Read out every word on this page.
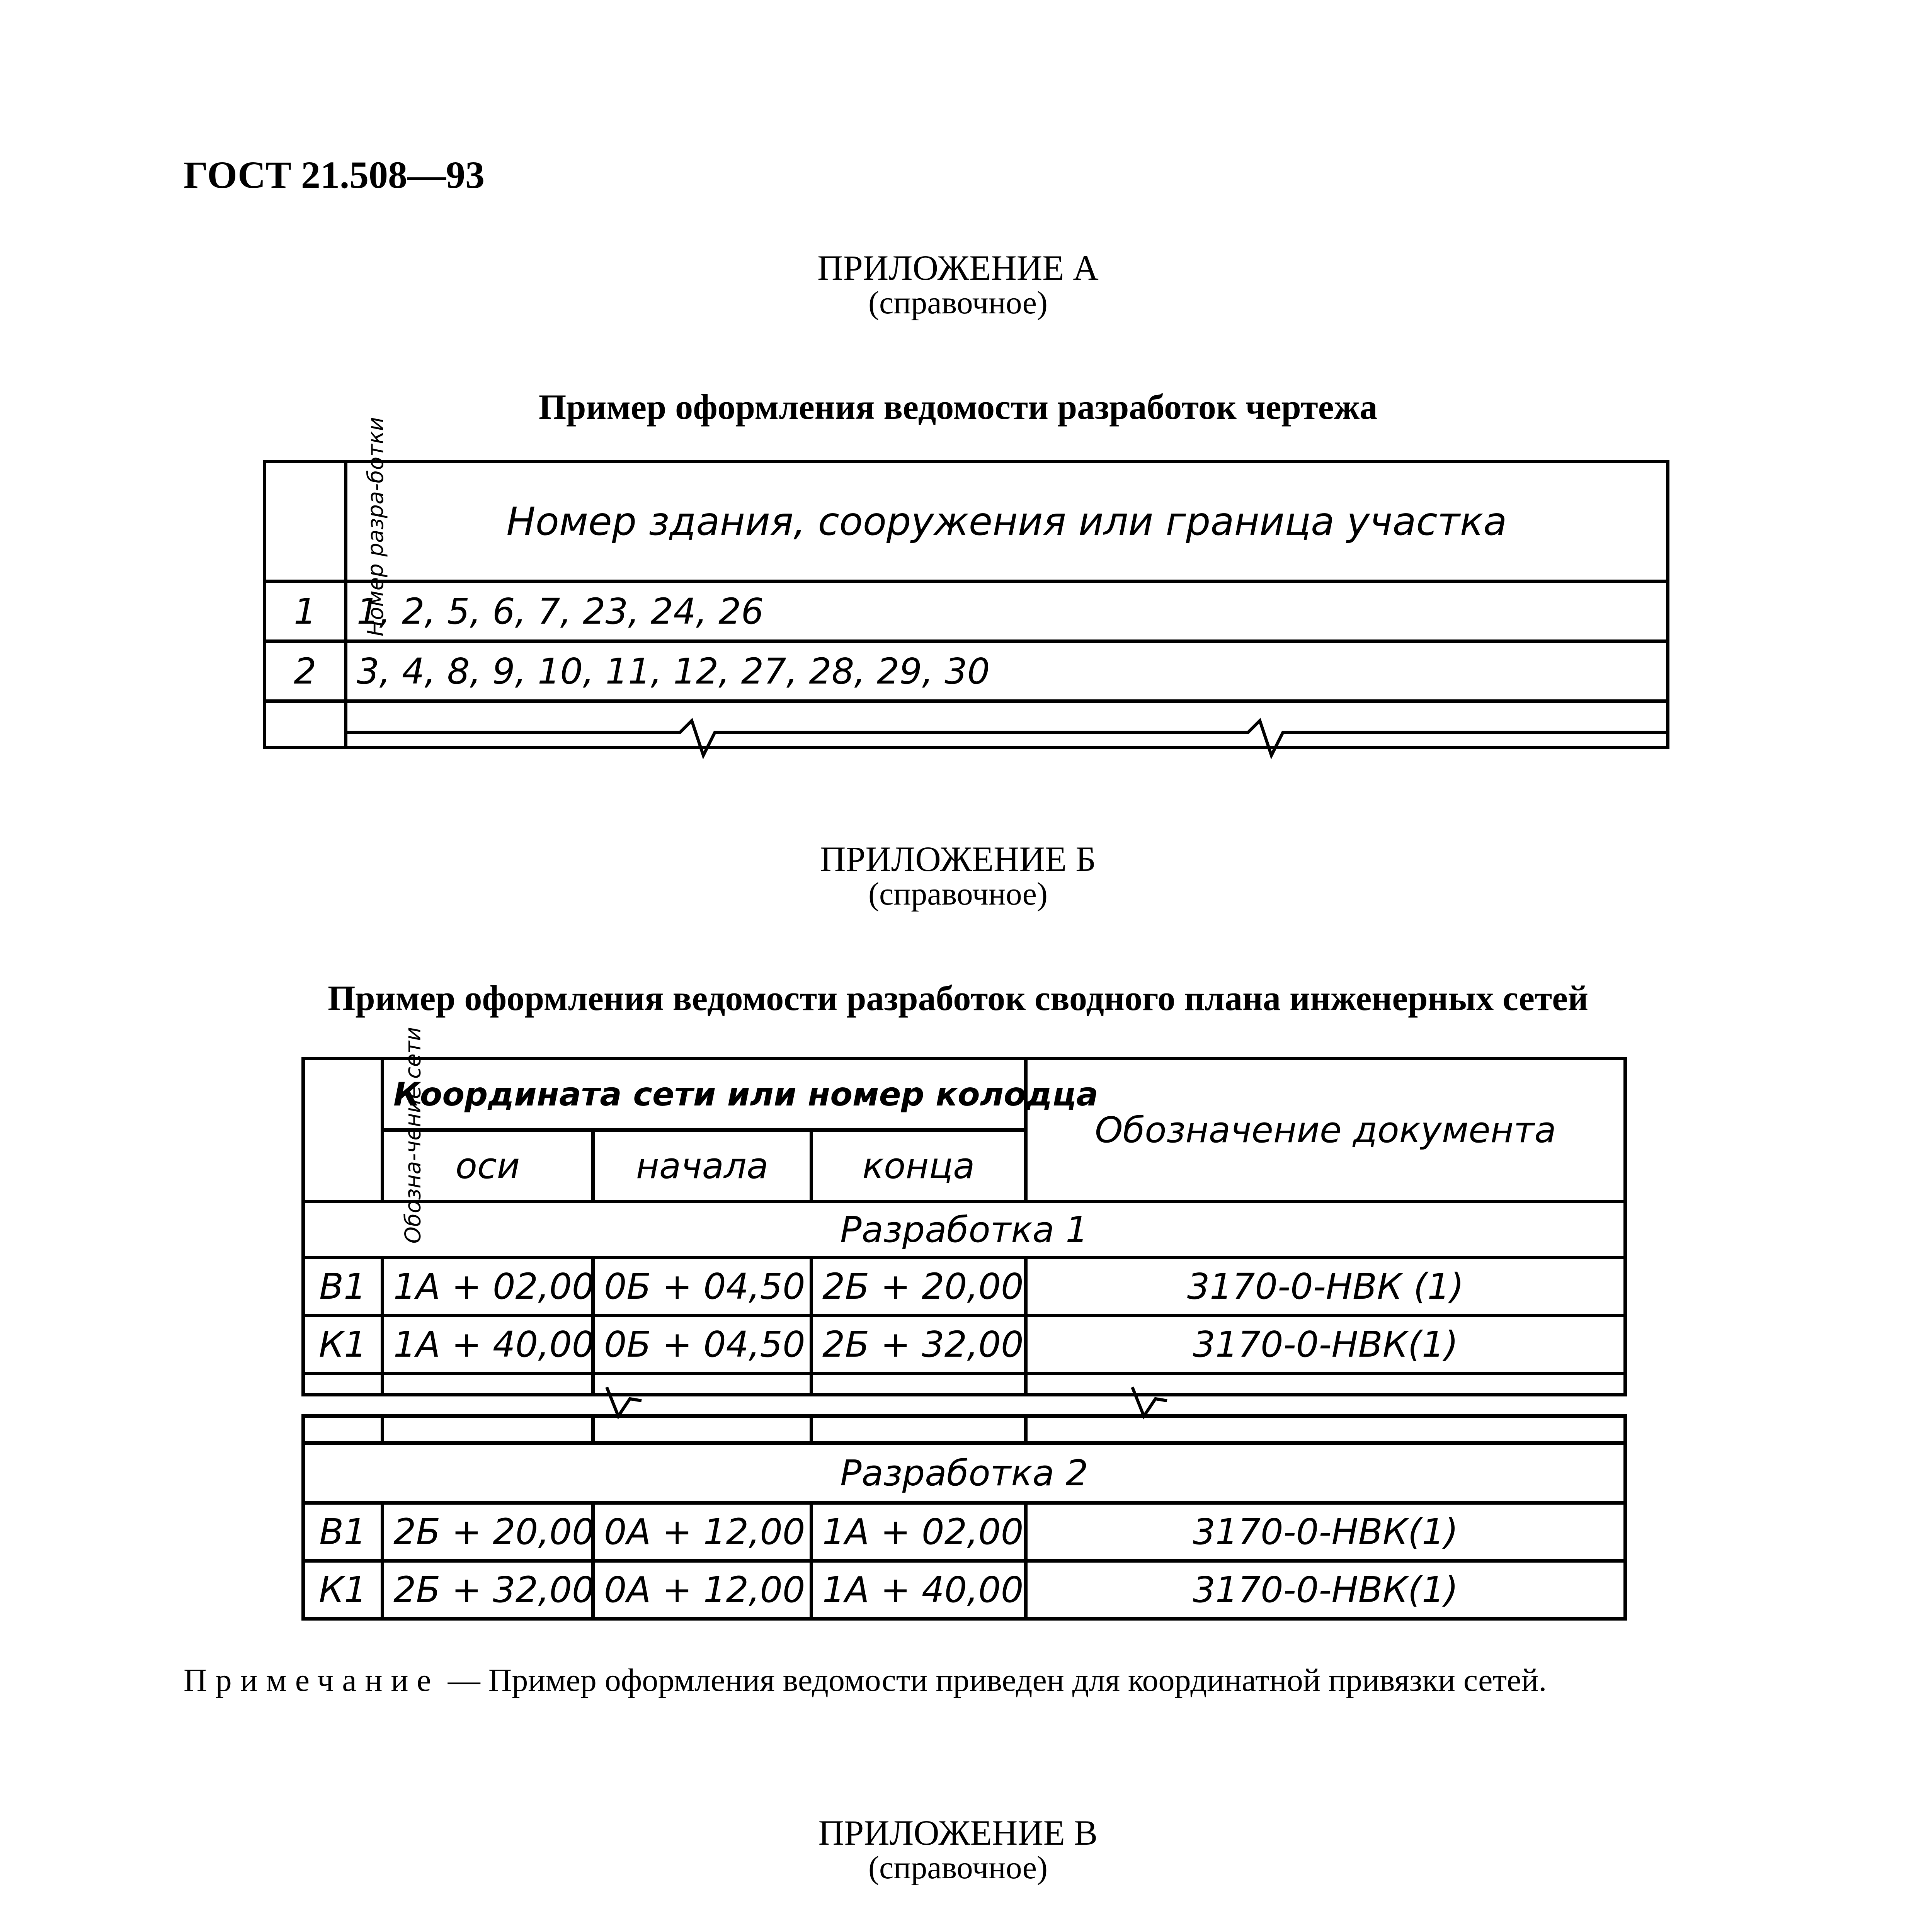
ГОСТ 21.508—93
ПРИЛОЖЕНИЕ А
(справочное)
Пример оформления ведомости разработок чертежа
Номер разра-ботки	Номер здания, сооружения или граница участка
1	1, 2, 5, 6, 7, 23, 24, 26
2	3, 4, 8, 9, 10, 11, 12, 27, 28, 29, 30

ПРИЛОЖЕНИЕ Б
(справочное)
Пример оформления ведомости разработок сводного плана инженерных сетей
Обозна-чение сети	Координата сети или номер колодца			Обозначение документа
	оси	начала	конца	
Разработка 1				
В1	1А + 02,00	0Б + 04,50	2Б + 20,00	3170-0-НВК (1)
К1	1А + 40,00	0Б + 04,50	2Б + 32,00	3170-0-НВК(1)

Разработка 2				
В1	2Б + 20,00	0А + 12,00	1А + 02,00	3170-0-НВК(1)
К1	2Б + 32,00	0А + 12,00	1А + 40,00	3170-0-НВК(1)
Примечание — Пример оформления ведомости приведен для координатной привязки сетей.
ПРИЛОЖЕНИЕ В
(справочное)
